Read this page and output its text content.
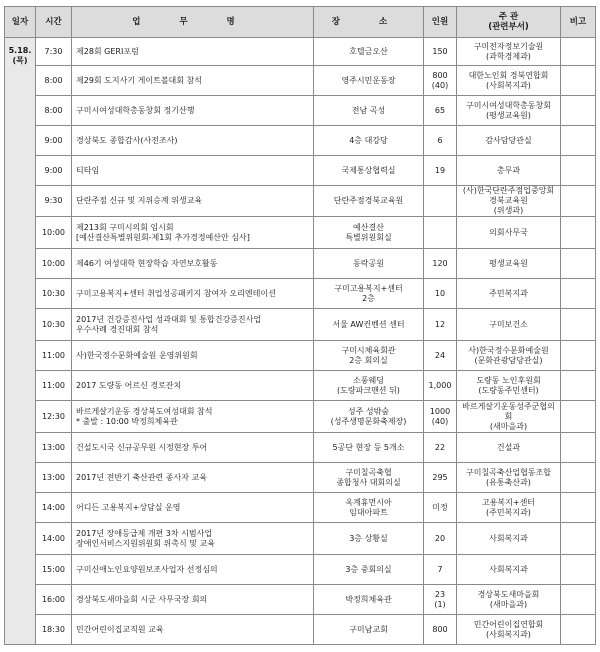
일자	시간	업 무 명	장 소	인원	주 관
(관련부서)	비고
5.18.
(목)	7:30	제28회 GERI포럼	호텔금오산	150	구미전자정보기술원
(과학경제과)	
	8:00	제29회 도지사기 게이트볼대회 참석	영주시민운동장	800
(40)	대한노인회 경북연합회
(사회복지과)	
	8:00	구미시여성대학총동창회 정기산행	전남 곡성	65	구미시여성대학총동창회
(평생교육원)	
	9:00	경상북도 종합감사(사전조사)	4층 대강당	6	감사담당관실	
	9:00	티타임	국제통상협력실	19	총무과	
	9:30	단란주점 신규 및 지위승계 위생교육	단란주점경북교육원		(사)한국단란주점업중앙회
경북교육원
(위생과)	
	10:00	제213회 구미시의회 임시회
[예산결산특별위원회-제1회 추가경정예산안 심사]	예산결산
특별위원회실		의회사무국	
	10:00	제46기 여성대학 현장학습 자연보호활동	동락공원	120	평생교육원	
	10:30	구미고용복지+센터 취업성공패키지 참여자 오리엔테이션	구미고용복지+센터
2층	10	주민복지과	
	10:30	2017년 건강증진사업 성과대회 및 통합건강증진사업
우수사례 경진대회 참석	서울 AW컨벤션 센터	12	구미보건소	
	11:00	사)한국정수문화예술원 운영위원회	구미시체육회관
2층 회의실	24	사)한국정수문화예술원
(문화관광담당관실)	
	11:00	2017 도량동 어르신 경로잔치	소풍웨딩
(도량파크맨션 뒤)	1,000	도량동 노인후원회
(도량동주민센터)	
	12:30	바르게살기운동 경상북도여성대회 참석
* 출발 : 10:00 박정희체육관	성주 성밖숲
(성주생명문화축제장)	1000
(40)	바르게살기운동성주군협의회
(새마을과)	
	13:00	건설도시국 신규공무원 시정현장 투어	5공단 현장 등 5개소	22	건설과	
	13:00	2017년 전반기 축산관련 종사자 교육	구미칠곡축협
종합청사 대회의실	295	구미칠곡축산업협동조합
(유통축산과)	
	14:00	어디든 고용복지+상담실 운영	옥계휴먼시아
임대아파트	미정	고용복지+센터
(주민복지과)	
	14:00	2017년 장애등급제 개편 3차 시범사업
장애인서비스지원위원회 위촉식 및 교육	3층 상황실	20	사회복지과	
	15:00	구미신애노인요양원보조사업자 선정심의	3층 중회의실	7	사회복지과	
	16:00	경상북도새마을회 시군 사무국장 회의	박정희체육관	23
(1)	경상북도새마을회
(새마을과)	
	18:30	민간어린이집교직원 교육	구미남교회	800	민간어린이집연합회
(사회복지과)	
